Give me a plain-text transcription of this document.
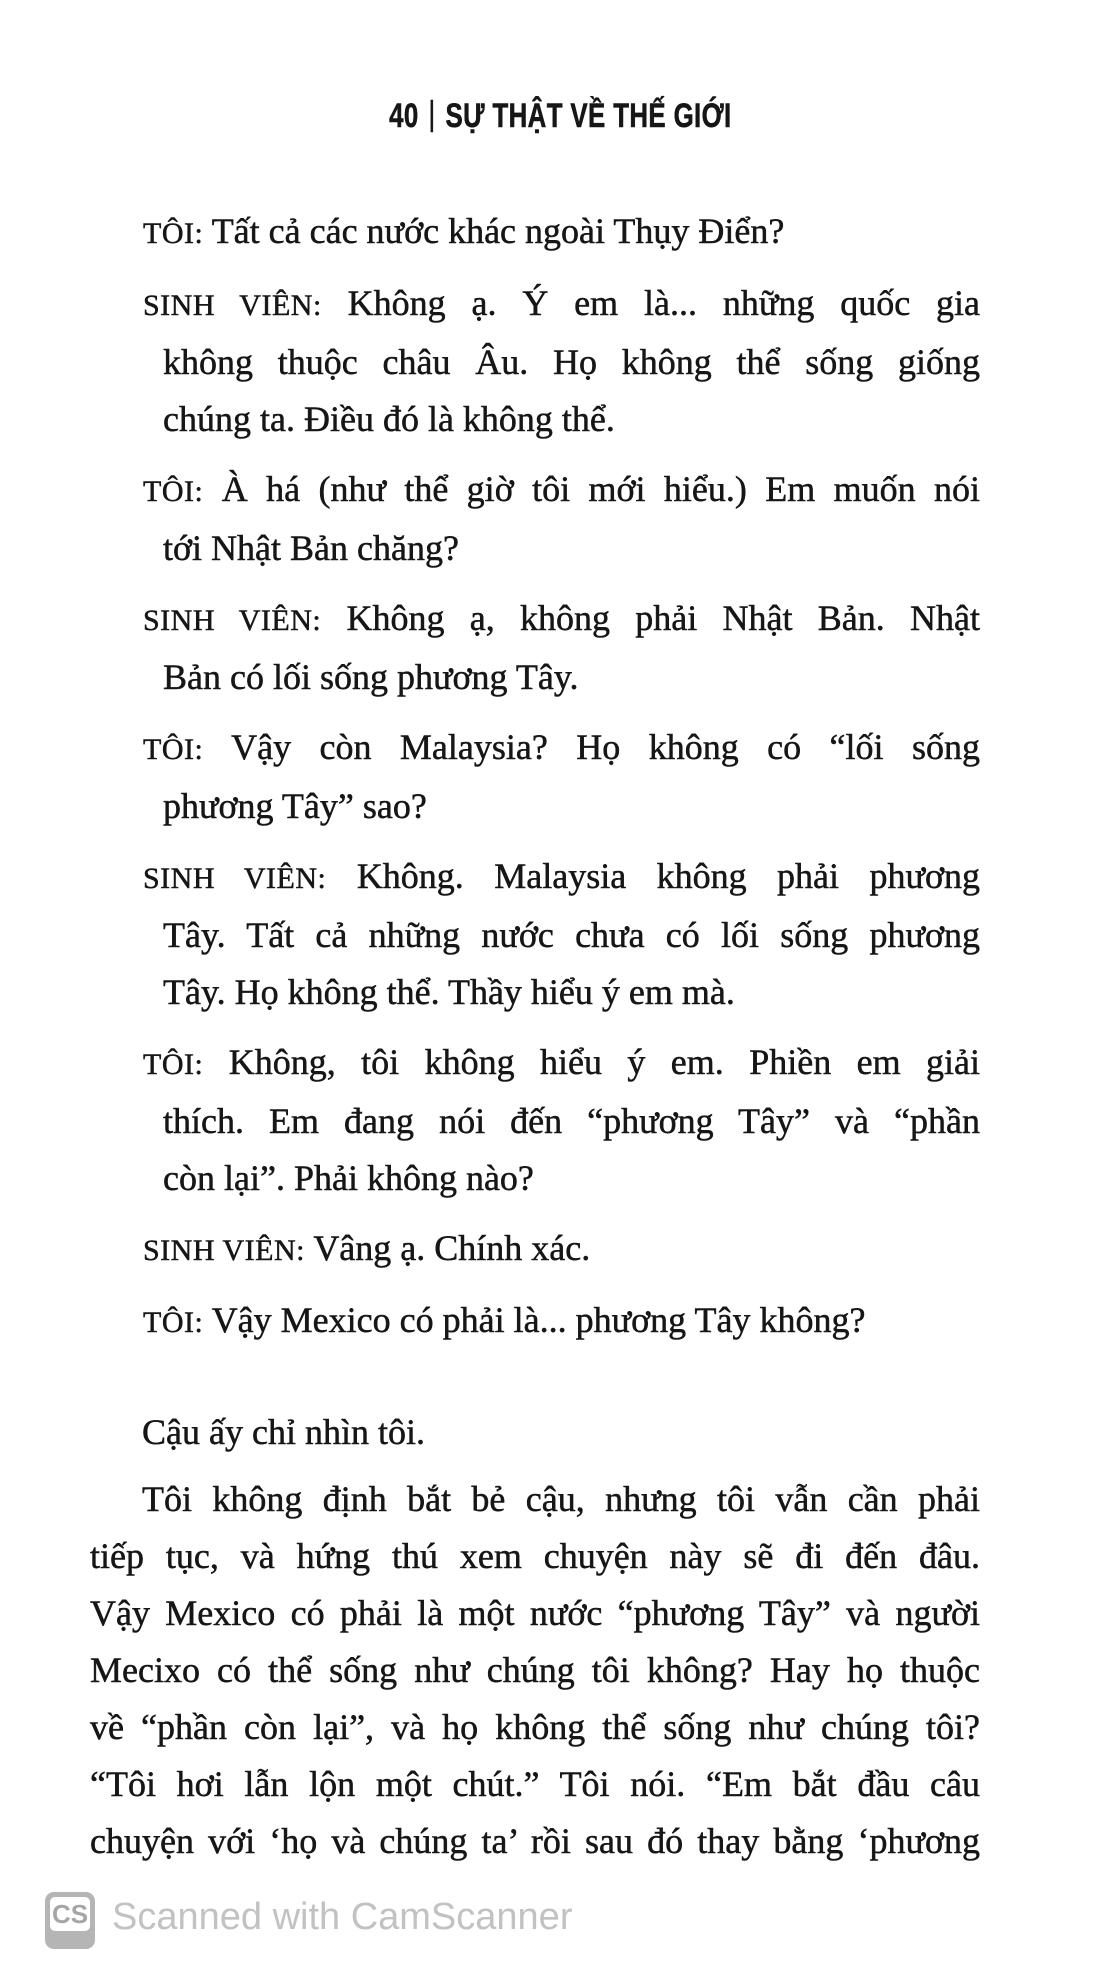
40 | SỰ THẬT VỀ THẾ GIỚI
TÔI: Tất cả các nước khác ngoài Thụy Điển?
SINH VIÊN: Không ạ. Ý em là... những quốc gia
không thuộc châu Âu. Họ không thể sống giống
chúng ta. Điều đó là không thể.
TÔI: À há (như thể giờ tôi mới hiểu.) Em muốn nói
tới Nhật Bản chăng?
SINH VIÊN: Không ạ, không phải Nhật Bản. Nhật
Bản có lối sống phương Tây.
TÔI: Vậy còn Malaysia? Họ không có “lối sống
phương Tây” sao?
SINH VIÊN: Không. Malaysia không phải phương
Tây. Tất cả những nước chưa có lối sống phương
Tây. Họ không thể. Thầy hiểu ý em mà.
TÔI: Không, tôi không hiểu ý em. Phiền em giải
thích. Em đang nói đến “phương Tây” và “phần
còn lại”. Phải không nào?
SINH VIÊN: Vâng ạ. Chính xác.
TÔI: Vậy Mexico có phải là... phương Tây không?
Cậu ấy chỉ nhìn tôi.
Tôi không định bắt bẻ cậu, nhưng tôi vẫn cần phải
tiếp tục, và hứng thú xem chuyện này sẽ đi đến đâu.
Vậy Mexico có phải là một nước “phương Tây” và người
Mecixo có thể sống như chúng tôi không? Hay họ thuộc
về “phần còn lại”, và họ không thể sống như chúng tôi?
“Tôi hơi lẫn lộn một chút.” Tôi nói. “Em bắt đầu câu
chuyện với ‘họ và chúng ta’ rồi sau đó thay bằng ‘phương
CS Scanned with CamScanner
